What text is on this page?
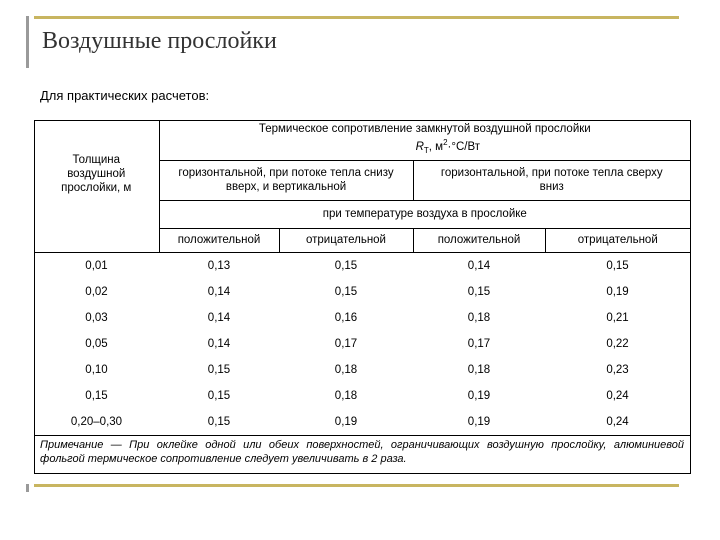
Воздушные прослойки
Для практических расчетов:
Толщина воздушной прослойки, м	Термическое сопротивление замкнутой воздушной прослойки
$R_T$, $м^2\cdot^\circ С/Вт$			

	горизонтальной, при потоке тепла снизу вверх, и вертикальной		горизонтальной, при потоке тепла сверху вниз	
	при температуре воздуха в прослойке			
	положительной	отрицательной	положительной	отрицательной
0,01	0,13	0,15	0,14	0,15
0,02	0,14	0,15	0,15	0,19
0,03	0,14	0,16	0,18	0,21
0,05	0,14	0,17	0,17	0,22
0,10	0,15	0,18	0,18	0,23
0,15	0,15	0,18	0,19	0,24
0,20–0,30	0,15	0,19	0,19	0,24
Примечание — При оклейке одной или обеих поверхностей, ограничивающих воздушную прослойку, алюминиевой фольгой термическое сопротивление следует увеличивать в 2 раза.				
